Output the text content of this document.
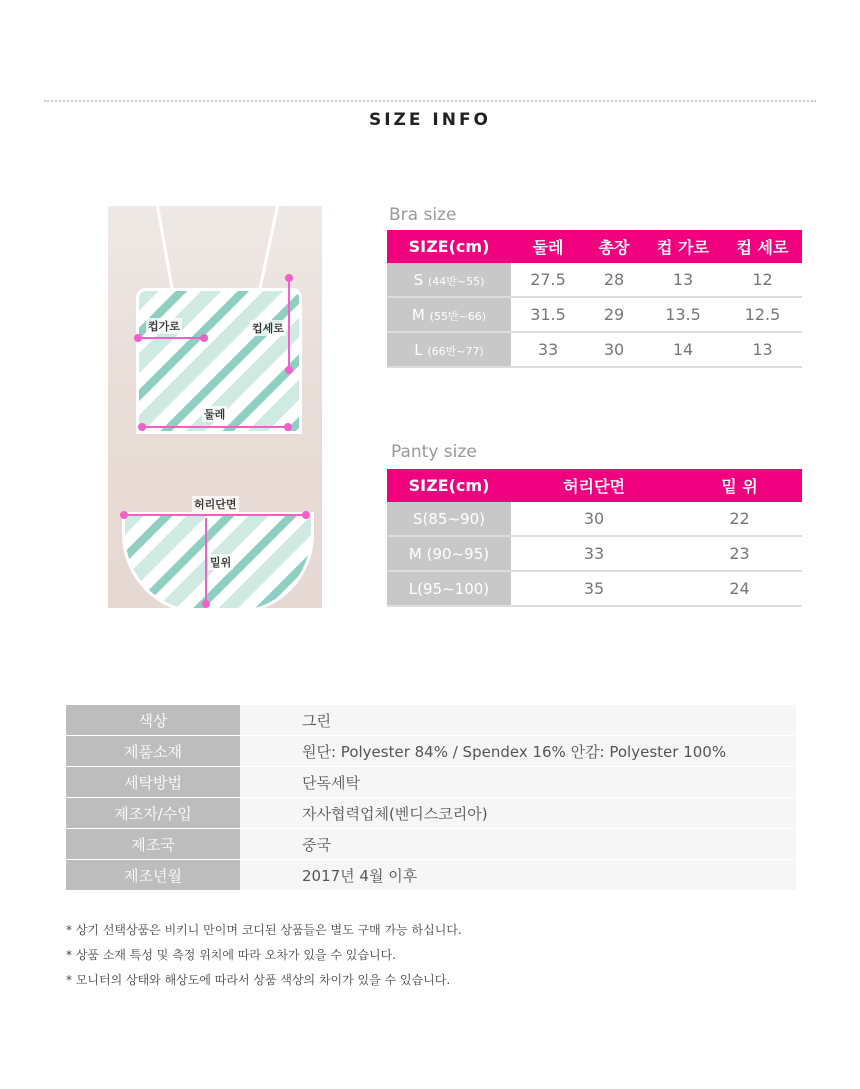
SIZE INFO
컵가로	컵세로
둘레
허리단면
밑위
Bra size
SIZE(cm)	둘레	총장	컵 가로	컵 세로
S (44반~55)	27.5	28	13	12
M (55반~66)	31.5	29	13.5	12.5
L (66반~77)	33	30	14	13
Panty size
SIZE(cm)	허리단면	밑 위
S(85~90)	30	22
M (90~95)	33	23
L(95~100)	35	24
색상	그린
제품소재	원단: Polyester 84% / Spendex 16% 안감: Polyester 100%
세탁방법	단독세탁
제조자/수입	자사협력업체(벤디스코리아)
제조국	중국
제조년월	2017년 4월 이후
* 상기 선택상품은 비키니 만이며 코디된 상품들은 별도 구매 가능 하십니다.
* 상품 소재 특성 및 측정 위치에 따라 오차가 있을 수 있습니다.
* 모니터의 상태와 해상도에 따라서 상품 색상의 차이가 있을 수 있습니다.
